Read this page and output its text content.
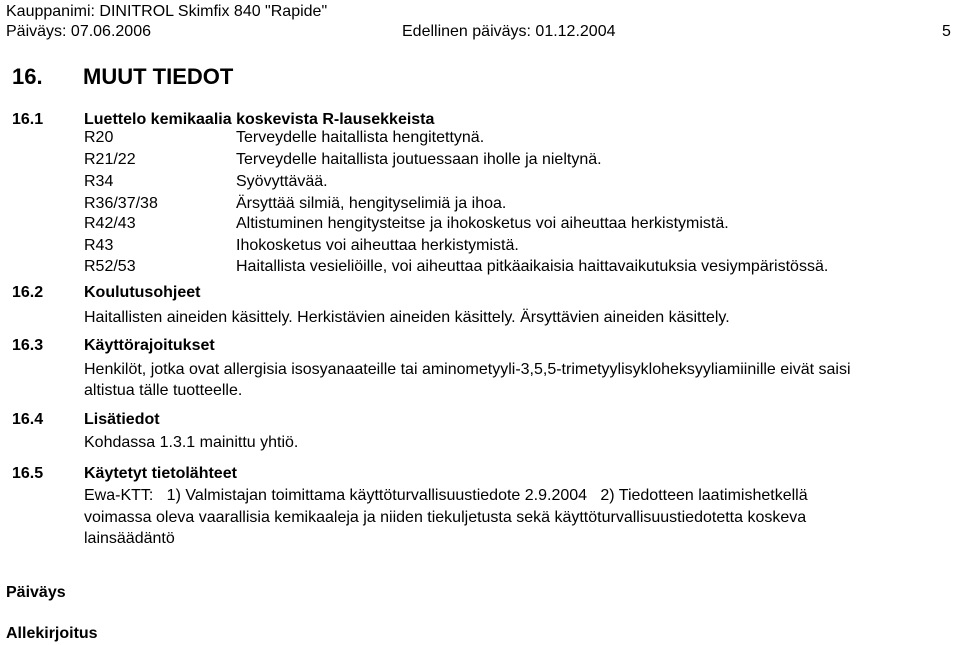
Kauppanimi: DINITROL Skimfix 840 "Rapide"
Päiväys: 07.06.2006	Edellinen päiväys: 01.12.2004	5
16. MUUT TIEDOT
16.1	Luettelo kemikaalia koskevista R-lausekkeista
R20	Terveydelle haitallista hengitettynä.
R21/22	Terveydelle haitallista joutuessaan iholle ja nieltynä.
R34	Syövyttävää.
R36/37/38	Ärsyttää silmiä, hengityselimiä ja ihoa.
R42/43	Altistuminen hengitysteitse ja ihokosketus voi aiheuttaa herkistymistä.
R43	Ihokosketus voi aiheuttaa herkistymistä.
R52/53	Haitallista vesieliöille, voi aiheuttaa pitkäaikaisia haittavaikutuksia vesiympäristössä.
16.2	Koulutusohjeet
Haitallisten aineiden käsittely. Herkistävien aineiden käsittely. Ärsyttävien aineiden käsittely.
16.3	Käyttörajoitukset
Henkilöt, jotka ovat allergisia isosyanaateille tai aminometyyli-3,5,5-trimetyylisykloheksyyliamiinille eivät saisi
altistua tälle tuotteelle.
16.4	Lisätiedot
Kohdassa 1.3.1 mainittu yhtiö.
16.5	Käytetyt tietolähteet
Ewa-KTT:   1) Valmistajan toimittama käyttöturvallisuustiedote 2.9.2004   2) Tiedotteen laatimishetkellä
voimassa oleva vaarallisia kemikaaleja ja niiden tiekuljetusta sekä käyttöturvallisuustiedotetta koskeva
lainsäädäntö
Päiväys
Allekirjoitus
